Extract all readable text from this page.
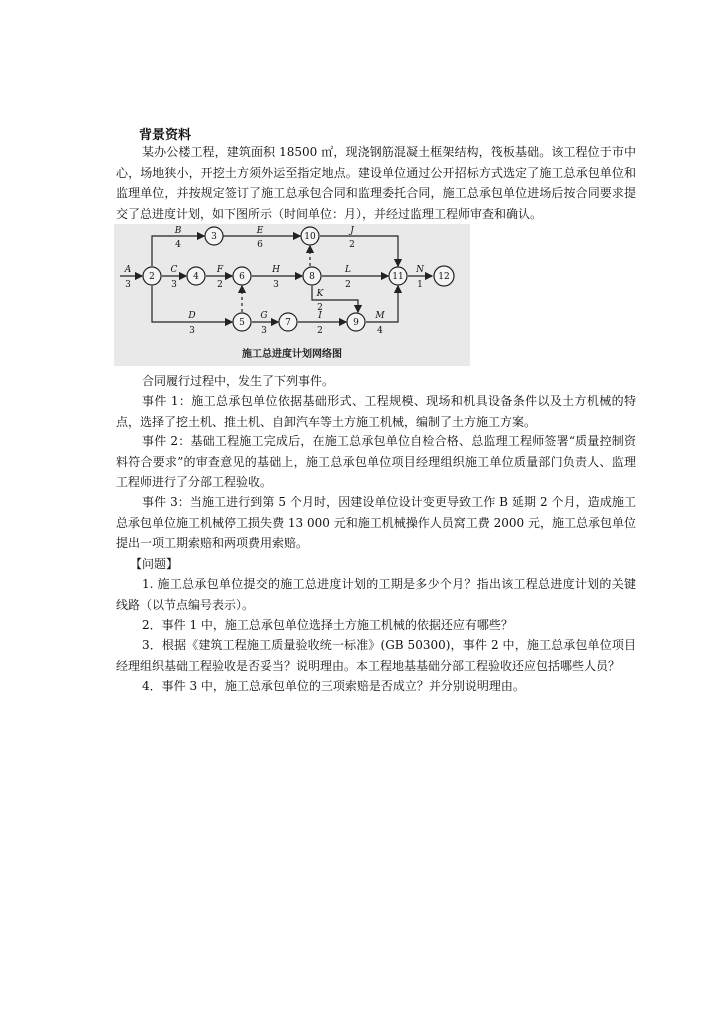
背景资料
某办公楼工程，建筑面积 18500 ㎡，现浇钢筋混凝土框架结构，筏板基础。该工程位于市中心，场地狭小，开挖土方须外运至指定地点。建设单位通过公开招标方式选定了施工总承包单位和监理单位，并按规定签订了施工总承包合同和监理委托合同，施工总承包单位进场后按合同要求提交了总进度计划，如下图所示（时间单位：月），并经过监理工程师审查和确认。
2
3
4
5
6
7
8
9
10
11	12
A
B
C
D
E
F
G
H
I
J
K
L
M
N
3
4
3
3
6
2
3
3
2
2
2
2
4
1
施工总进度计划网络图
合同履行过程中，发生了下列事件。
事件 1：施工总承包单位依据基础形式、工程规模、现场和机具设备条件以及土方机械的特点，选择了挖土机、推土机、自卸汽车等土方施工机械，编制了土方施工方案。
事件 2：基础工程施工完成后，在施工总承包单位自检合格、总监理工程师签署“质量控制资料符合要求”的审查意见的基础上，施工总承包单位项目经理组织施工单位质量部门负责人、监理工程师进行了分部工程验收。
事件 3：当施工进行到第 5 个月时，因建设单位设计变更导致工作 B 延期 2 个月，造成施工总承包单位施工机械停工损失费 13 000 元和施工机械操作人员窝工费 2000 元，施工总承包单位提出一项工期索赔和两项费用索赔。
【问题】
1. 施工总承包单位提交的施工总进度计划的工期是多少个月？指出该工程总进度计划的关键线路（以节点编号表示）。
2．事件 1 中，施工总承包单位选择土方施工机械的依据还应有哪些？
3．根据《建筑工程施工质量验收统一标准》(GB 50300)，事件 2 中，施工总承包单位项目经理组织基础工程验收是否妥当？说明理由。本工程地基基础分部工程验收还应包括哪些人员？
4．事件 3 中，施工总承包单位的三项索赔是否成立？并分别说明理由。
